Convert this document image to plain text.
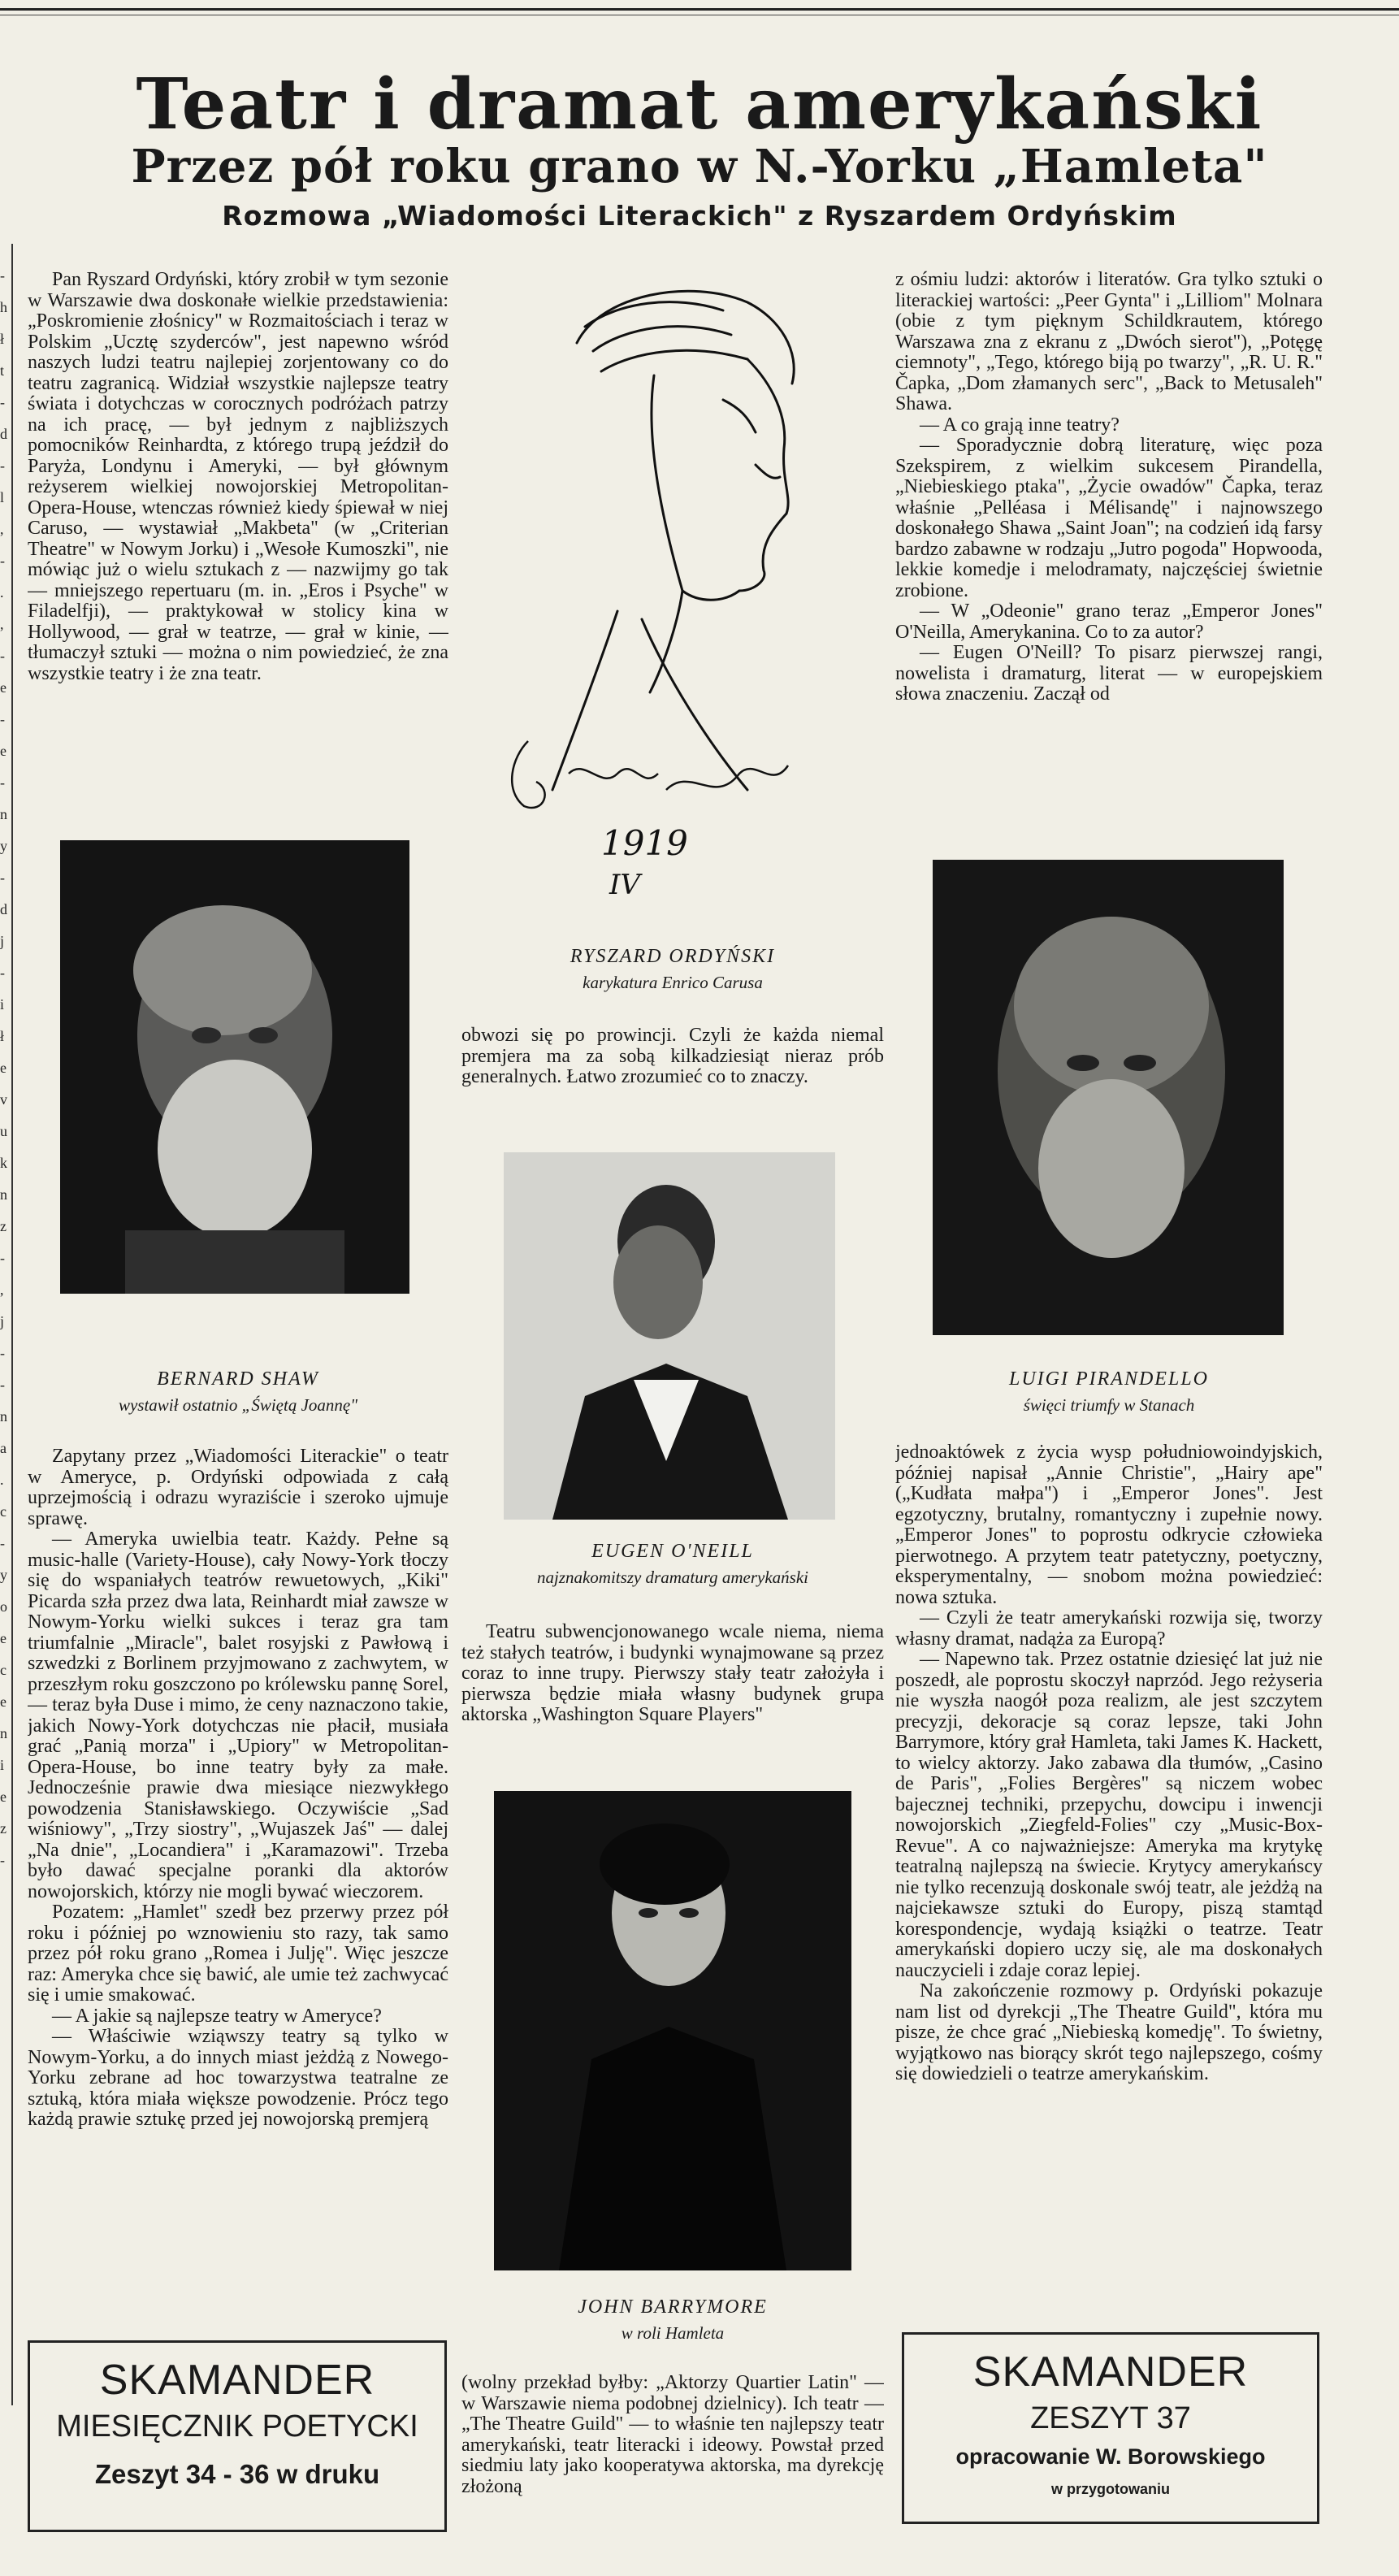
-
h
ł
t
-
d
-
l
,
-
.
,
-
e
-
e
-
n
y
-
d
j
-
i
ł
e
v
u
k
n
z
-
,
j
-
-
n
a
.
c
-
y
o
e
c
e
n
i
e
z
-
Teatr i dramat amerykański
Przez pół roku grano w N.-Yorku „Hamleta"
Rozmowa „Wiadomości Literackich" z Ryszardem Ordyńskim

Pan Ryszard Ordyński, który zrobił w tym sezonie w Warszawie dwa doskonałe wielkie przedstawienia: „Poskromienie złośnicy" w Rozmaitościach i teraz w Polskim „Ucztę szyderców", jest napewno wśród naszych ludzi teatru najlepiej zorjentowany co do teatru zagranicą. Widział wszystkie najlepsze teatry świata i dotychczas w corocznych podróżach patrzy na ich pracę, — był jednym z najbliższych pomocników Reinhardta, z którego trupą jeździł do Paryża, Londynu i Ameryki, — był głównym reżyserem wielkiej nowojorskiej Metropolitan-Opera-House, wtenczas również kiedy śpiewał w niej Caruso, — wystawiał „Makbeta" (w „Criterian Theatre" w Nowym Jorku) i „Wesołe Kumoszki", nie mówiąc już o wielu sztukach z — nazwijmy go tak — mniejszego repertuaru (m. in. „Eros i Psyche" w Filadelfji), — praktykował w stolicy kina w Hollywood, — grał w teatrze, — grał w kinie, — tłumaczył sztuki — można o nim powiedzieć, że zna wszystkie teatry i że zna teatr.

BERNARD SHAW
wystawił ostatnio „Świętą Joannę"

Zapytany przez „Wiadomości Literackie" o teatr w Ameryce, p. Ordyński odpowiada z całą uprzejmością i odrazu wyraziście i szeroko ujmuje sprawę.

— Ameryka uwielbia teatr. Każdy. Pełne są music-halle (Variety-House), cały Nowy-York tłoczy się do wspaniałych teatrów rewuetowych, „Kiki" Picarda szła przez dwa lata, Reinhardt miał zawsze w Nowym-Yorku wielki sukces i teraz gra tam triumfalnie „Miracle", balet rosyjski z Pawłową i szwedzki z Borlinem przyjmowano z zachwytem, w przeszłym roku goszczono po królewsku pannę Sorel, — teraz była Duse i mimo, że ceny naznaczono takie, jakich Nowy-York dotychczas nie płacił, musiała grać „Panią morza" i „Upiory" w Metropolitan-Opera-House, bo inne teatry były za małe. Jednocześnie prawie dwa miesiące niezwykłego powodzenia Stanisławskiego. Oczywiście „Sad wiśniowy", „Trzy siostry", „Wujaszek Jaś" — dalej „Na dnie", „Locandiera" i „Karamazowi". Trzeba było dawać specjalne poranki dla aktorów nowojorskich, którzy nie mogli bywać wieczorem.

Pozatem: „Hamlet" szedł bez przerwy przez pół roku i później po wznowieniu sto razy, tak samo przez pół roku grano „Romea i Julję". Więc jeszcze raz: Ameryka chce się bawić, ale umie też zachwycać się i umie smakować.

— A jakie są najlepsze teatry w Ameryce?

— Właściwie wziąwszy teatry są tylko w Nowym-Yorku, a do innych miast jeżdżą z Nowego-Yorku zebrane ad hoc towarzystwa teatralne ze sztuką, która miała większe powodzenie. Prócz tego każdą prawie sztukę przed jej nowojorską premjerą

1919
IV
RYSZARD ORDYŃSKI
karykatura Enrico Carusa

obwozi się po prowincji. Czyli że każda niemal premjera ma za sobą kilkadziesiąt nieraz prób generalnych. Łatwo zrozumieć co to znaczy.

EUGEN O'NEILL
najznakomitszy dramaturg amerykański

Teatru subwencjonowanego wcale niema, niema też stałych teatrów, i budynki wynajmowane są przez coraz to inne trupy. Pierwszy stały teatr założyła i pierwsza będzie miała własny budynek grupa aktorska „Washington Square Players"

JOHN BARRYMORE
w roli Hamleta

(wolny przekład byłby: „Aktorzy Quartier Latin" — w Warszawie niema podobnej dzielnicy). Ich teatr — „The Theatre Guild" — to właśnie ten najlepszy teatr amerykański, teatr literacki i ideowy. Powstał przed siedmiu laty jako kooperatywa aktorska, ma dyrekcję złożoną

z ośmiu ludzi: aktorów i literatów. Gra tylko sztuki o literackiej wartości: „Peer Gynta" i „Lilliom" Molnara (obie z tym pięknym Schildkrautem, którego Warszawa zna z ekranu z „Dwóch sierot"), „Potęgę ciemnoty", „Tego, którego biją po twarzy", „R. U. R." Čapka, „Dom złamanych serc", „Back to Metusaleh" Shawa.

— A co grają inne teatry?

— Sporadycznie dobrą literaturę, więc poza Szekspirem, z wielkim sukcesem Pirandella, „Niebieskiego ptaka", „Życie owadów" Čapka, teraz właśnie „Pelléasa i Mélisandę" i najnowszego doskonałego Shawa „Saint Joan"; na codzień idą farsy bardzo zabawne w rodzaju „Jutro pogoda" Hopwooda, lekkie komedje i melodramaty, najczęściej świetnie zrobione.

— W „Odeonie" grano teraz „Emperor Jones" O'Neilla, Amerykanina. Co to za autor?

— Eugen O'Neill? To pisarz pierwszej rangi, nowelista i dramaturg, literat — w europejskiem słowa znaczeniu. Zaczął od

LUIGI PIRANDELLO
święci triumfy w Stanach

jednoaktówek z życia wysp południowoindyjskich, później napisał „Annie Christie", „Hairy ape" („Kudłata małpa") i „Emperor Jones". Jest egzotyczny, brutalny, romantyczny i zupełnie nowy. „Emperor Jones" to poprostu odkrycie człowieka pierwotnego. A przytem teatr patetyczny, poetyczny, eksperymentalny, — snobom można powiedzieć: nowa sztuka.

— Czyli że teatr amerykański rozwija się, tworzy własny dramat, nadąża za Europą?

— Napewno tak. Przez ostatnie dziesięć lat już nie poszedł, ale poprostu skoczył naprzód. Jego reżyseria nie wyszła naogół poza realizm, ale jest szczytem precyzji, dekoracje są coraz lepsze, taki John Barrymore, który grał Hamleta, taki James K. Hackett, to wielcy aktorzy. Jako zabawa dla tłumów, „Casino de Paris", „Folies Bergères" są niczem wobec bajecznej techniki, przepychu, dowcipu i inwencji nowojorskich „Ziegfeld-Folies" czy „Music-Box-Revue". A co najważniejsze: Ameryka ma krytykę teatralną najlepszą na świecie. Krytycy amerykańscy nie tylko recenzują doskonale swój teatr, ale jeżdżą na najciekawsze sztuki do Europy, piszą stamtąd korespondencje, wydają książki o teatrze. Teatr amerykański dopiero uczy się, ale ma doskonałych nauczycieli i zdaje coraz lepiej.

Na zakończenie rozmowy p. Ordyński pokazuje nam list od dyrekcji „The Theatre Guild", która mu pisze, że chce grać „Niebieską komedję". To świetny, wyjątkowo nas biorący skrót tego najlepszego, cośmy się dowiedzieli o teatrze amerykańskim.

SKAMANDER
MIESIĘCZNIK POETYCKI
Zeszyt 34 - 36 w druku
SKAMANDER
ZESZYT 37
opracowanie W. Borowskiego
w przygotowaniu
